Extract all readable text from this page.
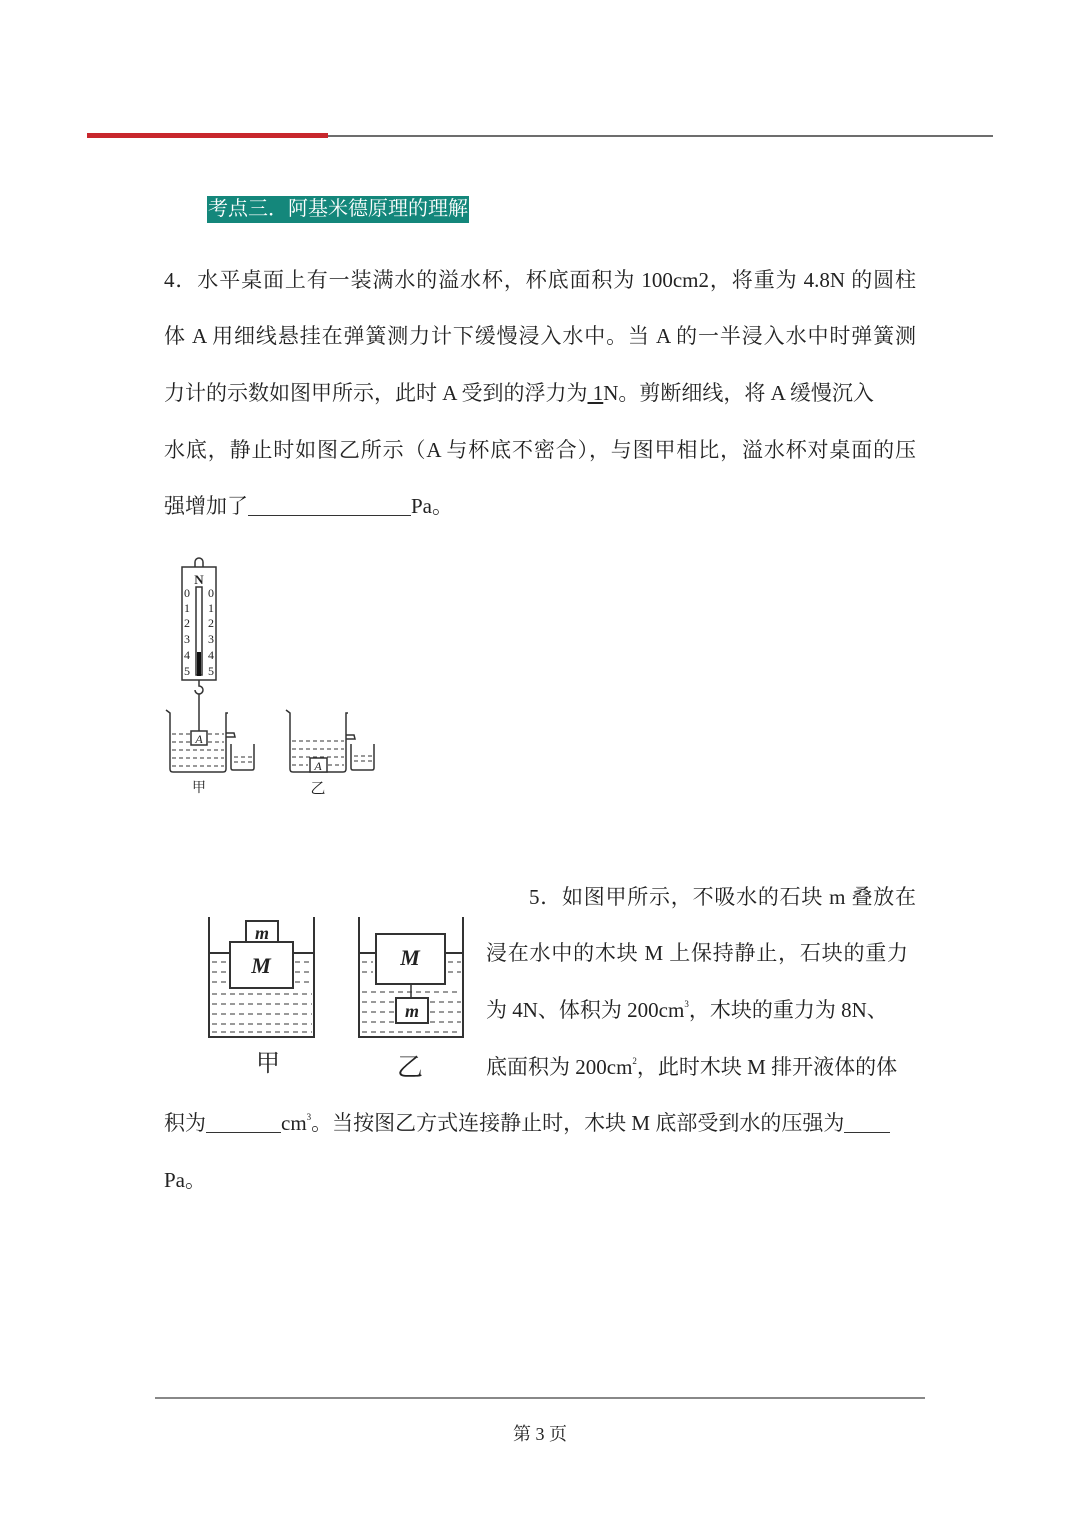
考点三．阿基米德原理的理解
4．水平桌面上有一装满水的溢水杯，杯底面积为 100cm2，将重为 4.8N 的圆柱
体 A 用细线悬挂在弹簧测力计下缓慢浸入水中。当 A 的一半浸入水中时弹簧测
力计的示数如图甲所示，此时 A 受到的浮力为 1N。剪断细线，将 A 缓慢沉入
水底，静止时如图乙所示（A 与杯底不密合），与图甲相比，溢水杯对桌面的压
强增加了	Pa。
N
0
1
2
3
4
5
0
1
2
3
4
5
A
A
甲	乙
5．如图甲所示，不吸水的石块 m 叠放在
浸在水中的木块 M 上保持静止，石块的重力
为 4N、体积为 $200cm^3$，木块的重力为 8N、
底面积为 $200cm^2$，此时木块 M 排开液体的体
积为	$cm^3$。当按图乙方式连接静止时，木块 M 底部受到水的压强为
Pa。
m
M	M
m
甲	乙
第 3 页
